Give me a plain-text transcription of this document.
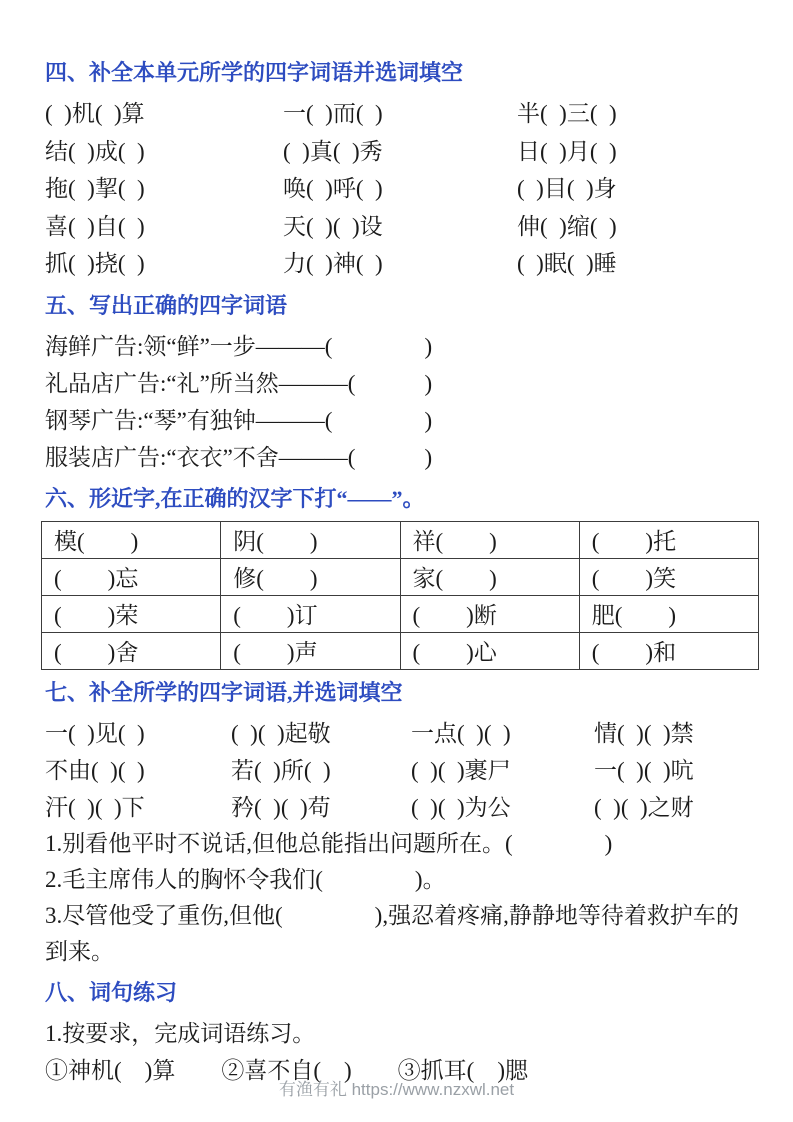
四、补全本单元所学的四字词语并选词填空
(  )机(  )算	一(  )而(  )	半(  )三(  )
结(  )成(  )	(  )真(  )秀	日(  )月(  )
拖(  )挈(  )	唤(  )呼(  )	(  )目(  )身
喜(  )自(  )	天(  )(  )设	伸(  )缩(  )
抓(  )挠(  )	力(  )神(  )	(  )眠(  )睡
五、写出正确的四字词语
海鲜广告:领“鲜”一步———(　　　　)
礼品店广告:“礼”所当然———(　　　)
钢琴广告:“琴”有独钟———(　　　　)
服装店广告:“衣衣”不舍———(　　　)
六、形近字,在正确的汉字下打“——”。
模(　　)	阴(　　)	祥(　　)	(　　)托
(　　)忘	修(　　)	家(　　)	(　　)笑
(　　)荣	(　　)订	(　　)断	肥(　　)
(　　)舍	(　　)声	(　　)心	(　　)和
七、补全所学的四字词语,并选词填空
一(  )见(  )	(  )(  )起敬	一点(  )(  )	情(  )(  )禁
不由(  )(  )	若(  )所(  )	(  )(  )裹尸	一(  )(  )吭
汗(  )(  )下	矜(  )(  )苟	(  )(  )为公	(  )(  )之财
1.别看他平时不说话,但他总能指出问题所在。(　　　　)
2.毛主席伟人的胸怀令我们(　　　　)。
3.尽管他受了重伤,但他(　　　　),强忍着疼痛,静静地等待着救护车的到来。
八、词句练习
1.按要求，完成词语练习。
①神机(　)算 ②喜不自(　) ③抓耳(　)腮
有渔有礼 https://www.nzxwl.net
